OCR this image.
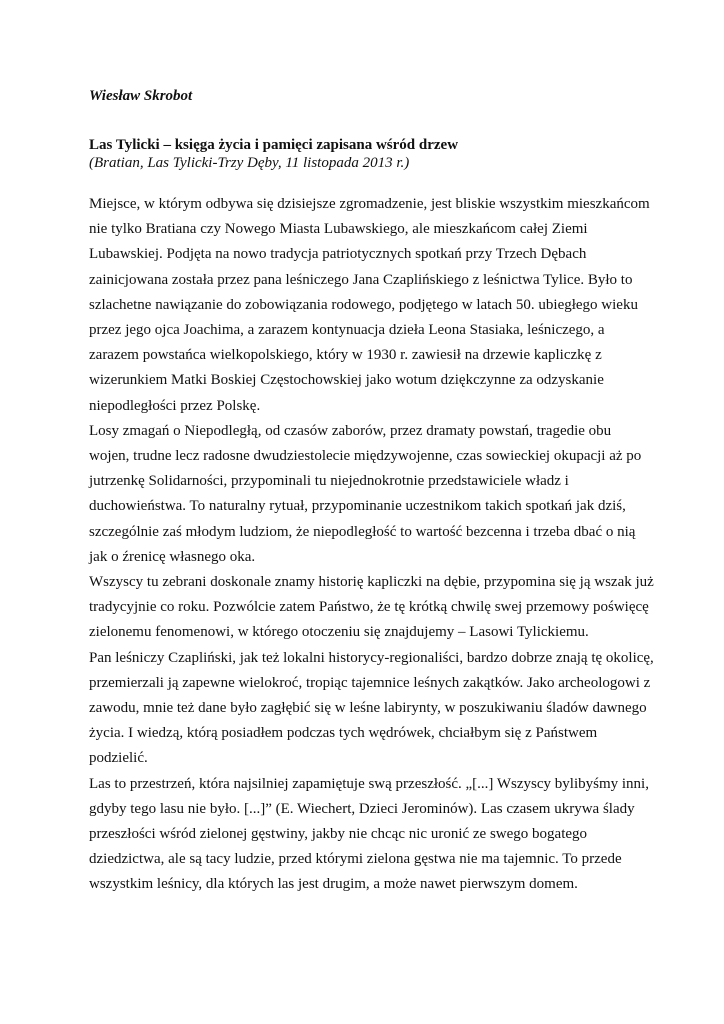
Wiesław Skrobot

Las Tylicki – księga życia i pamięci zapisana wśród drzew

(Bratian, Las Tylicki-Trzy Dęby, 11 listopada 2013 r.)

Miejsce, w którym odbywa się dzisiejsze zgromadzenie, jest bliskie wszystkim mieszkańcom
nie tylko Bratiana czy Nowego Miasta Lubawskiego, ale mieszkańcom całej Ziemi
Lubawskiej. Podjęta na nowo tradycja patriotycznych spotkań przy Trzech Dębach
zainicjowana została przez pana leśniczego Jana Czaplińskiego z leśnictwa Tylice. Było to
szlachetne nawiązanie do zobowiązania rodowego, podjętego w latach 50. ubiegłego wieku
przez jego ojca Joachima, a zarazem kontynuacja dzieła Leona Stasiaka, leśniczego, a
zarazem powstańca wielkopolskiego, który w 1930 r. zawiesił na drzewie kapliczkę z
wizerunkiem Matki Boskiej Częstochowskiej jako wotum dziękczynne za odzyskanie
niepodległości przez Polskę.
Losy zmagań o Niepodległą, od czasów zaborów, przez dramaty powstań, tragedie obu
wojen, trudne lecz radosne dwudziestolecie międzywojenne, czas sowieckiej okupacji aż po
jutrzenkę Solidarności, przypominali tu niejednokrotnie przedstawiciele władz i
duchowieństwa. To naturalny rytuał, przypominanie uczestnikom takich spotkań jak dziś,
szczególnie zaś młodym ludziom, że niepodległość to wartość bezcenna i trzeba dbać o nią
jak o źrenicę własnego oka.
Wszyscy tu zebrani doskonale znamy historię kapliczki na dębie, przypomina się ją wszak już
tradycyjnie co roku. Pozwólcie zatem Państwo, że tę krótką chwilę swej przemowy poświęcę
zielonemu fenomenowi, w którego otoczeniu się znajdujemy – Lasowi Tylickiemu.
Pan leśniczy Czapliński, jak też lokalni historycy-regionaliści, bardzo dobrze znają tę okolicę,
przemierzali ją zapewne wielokroć, tropiąc tajemnice leśnych zakątków. Jako archeologowi z
zawodu, mnie też dane było zagłębić się w leśne labirynty, w poszukiwaniu śladów dawnego
życia. I wiedzą, którą posiadłem podczas tych wędrówek, chciałbym się z Państwem
podzielić.
Las to przestrzeń, która najsilniej zapamiętuje swą przeszłość. „[...] Wszyscy bylibyśmy inni,
gdyby tego lasu nie było. [...]” (E. Wiechert, Dzieci Jerominów). Las czasem ukrywa ślady
przeszłości wśród zielonej gęstwiny, jakby nie chcąc nic uronić ze swego bogatego
dziedzictwa, ale są tacy ludzie, przed którymi zielona gęstwa nie ma tajemnic. To przede
wszystkim leśnicy, dla których las jest drugim, a może nawet pierwszym domem.
